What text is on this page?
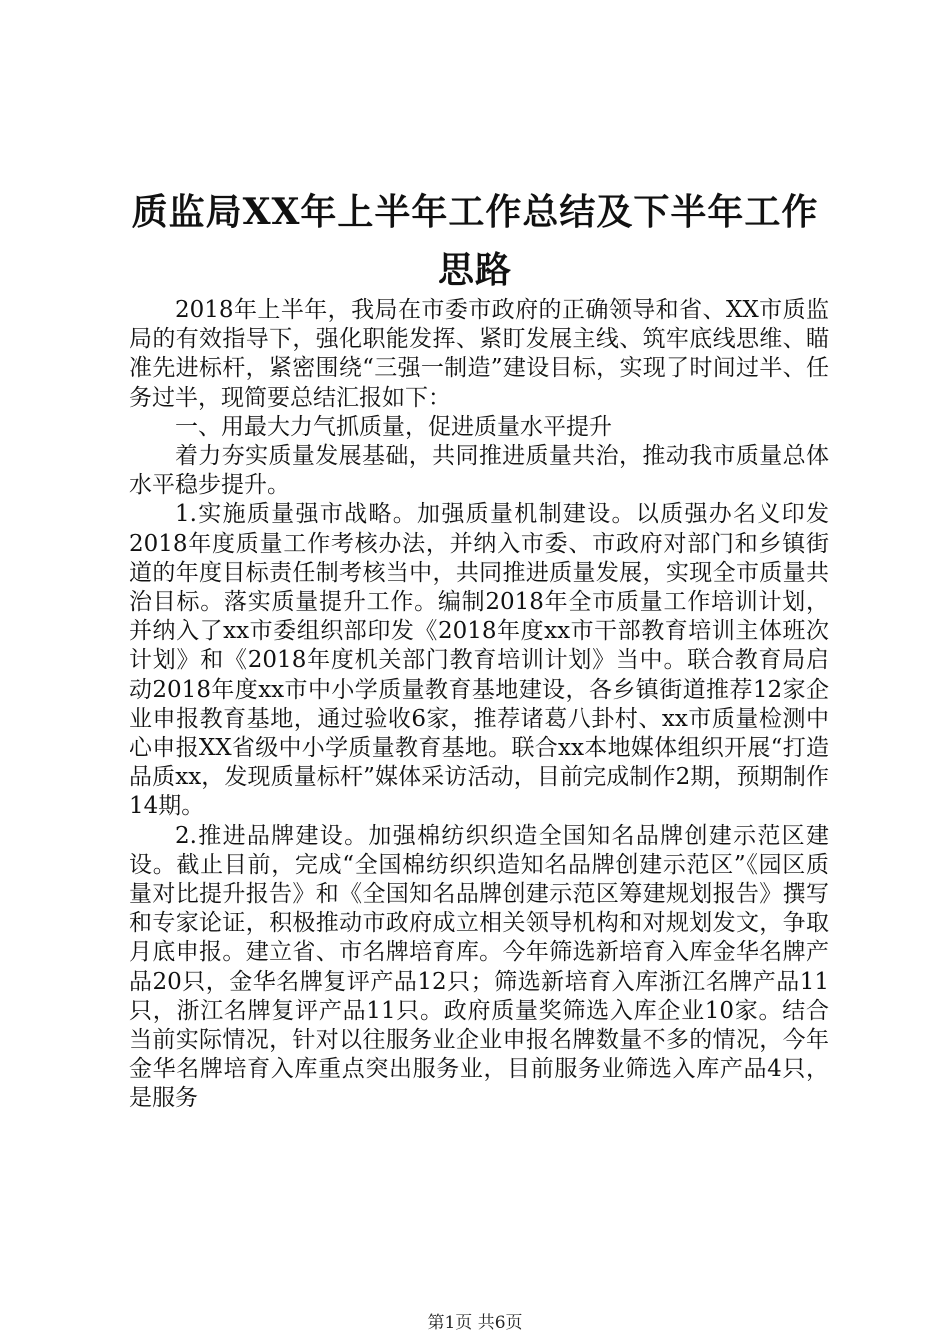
质监局XX年上半年工作总结及下半年工作思路

2018年上半年，我局在市委市政府的正确领导和省、XX市质监局的有效指导下，强化职能发挥、紧盯发展主线、筑牢底线思维、瞄准先进标杆，紧密围绕“三强一制造”建设目标，实现了时间过半、任务过半，现简要总结汇报如下：

一、用最大力气抓质量，促进质量水平提升

着力夯实质量发展基础，共同推进质量共治，推动我市质量总体水平稳步提升。

1.实施质量强市战略。加强质量机制建设。以质强办名义印发2018年度质量工作考核办法，并纳入市委、市政府对部门和乡镇街道的年度目标责任制考核当中，共同推进质量发展，实现全市质量共治目标。落实质量提升工作。编制2018年全市质量工作培训计划，并纳入了xx市委组织部印发《2018年度xx市干部教育培训主体班次计划》和《2018年度机关部门教育培训计划》当中。联合教育局启动2018年度xx市中小学质量教育基地建设，各乡镇街道推荐12家企业申报教育基地，通过验收6家，推荐诸葛八卦村、xx市质量检测中心申报XX省级中小学质量教育基地。联合xx本地媒体组织开展“打造品质xx，发现质量标杆”媒体采访活动，目前完成制作2期，预期制作14期。

2.推进品牌建设。加强棉纺织织造全国知名品牌创建示范区建设。截止目前，完成“全国棉纺织织造知名品牌创建示范区”《园区质量对比提升报告》和《全国知名品牌创建示范区筹建规划报告》撰写和专家论证，积极推动市政府成立相关领导机构和对规划发文，争取月底申报。建立省、市名牌培育库。今年筛选新培育入库金华名牌产品20只，金华名牌复评产品12只；筛选新培育入库浙江名牌产品11只，浙江名牌复评产品11只。政府质量奖筛选入库企业10家。结合当前实际情况，针对以往服务业企业申报名牌数量不多的情况，今年金华名牌培育入库重点突出服务业，目前服务业筛选入库产品4只，是服务

第1页 共6页
